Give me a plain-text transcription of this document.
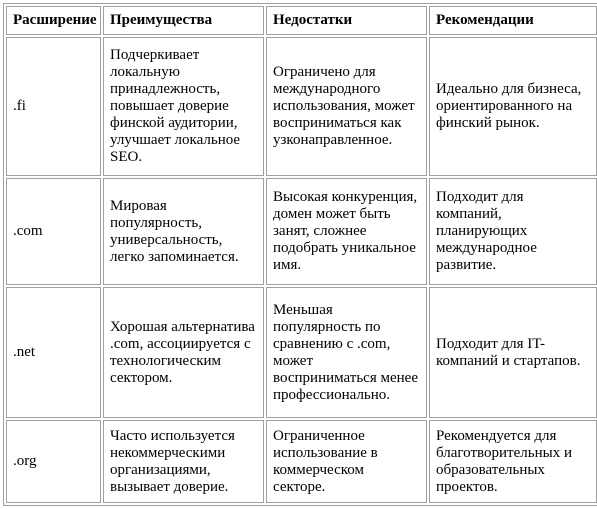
Расширение	Преимущества	Недостатки	Рекомендации
.fi	Подчеркивает локальную принадлежность, повышает доверие финской аудитории, улучшает локальное SEO.	Ограничено для международного использования, может восприниматься как узконаправленное.	Идеально для бизнеса, ориентированного на финский рынок.
.com	Мировая популярность, универсальность, легко запоминается.	Высокая конкуренция, домен может быть занят, сложнее подобрать уникальное имя.	Подходит для компаний, планирующих международное развитие.
.net	Хорошая альтернатива .com, ассоциируется с технологическим сектором.	Меньшая популярность по сравнению с .com, может восприниматься менее профессионально.	Подходит для IT-компаний и стартапов.
.org	Часто используется некоммерческими организациями, вызывает доверие.	Ограниченное использование в коммерческом секторе.	Рекомендуется для благотворительных и образовательных проектов.
